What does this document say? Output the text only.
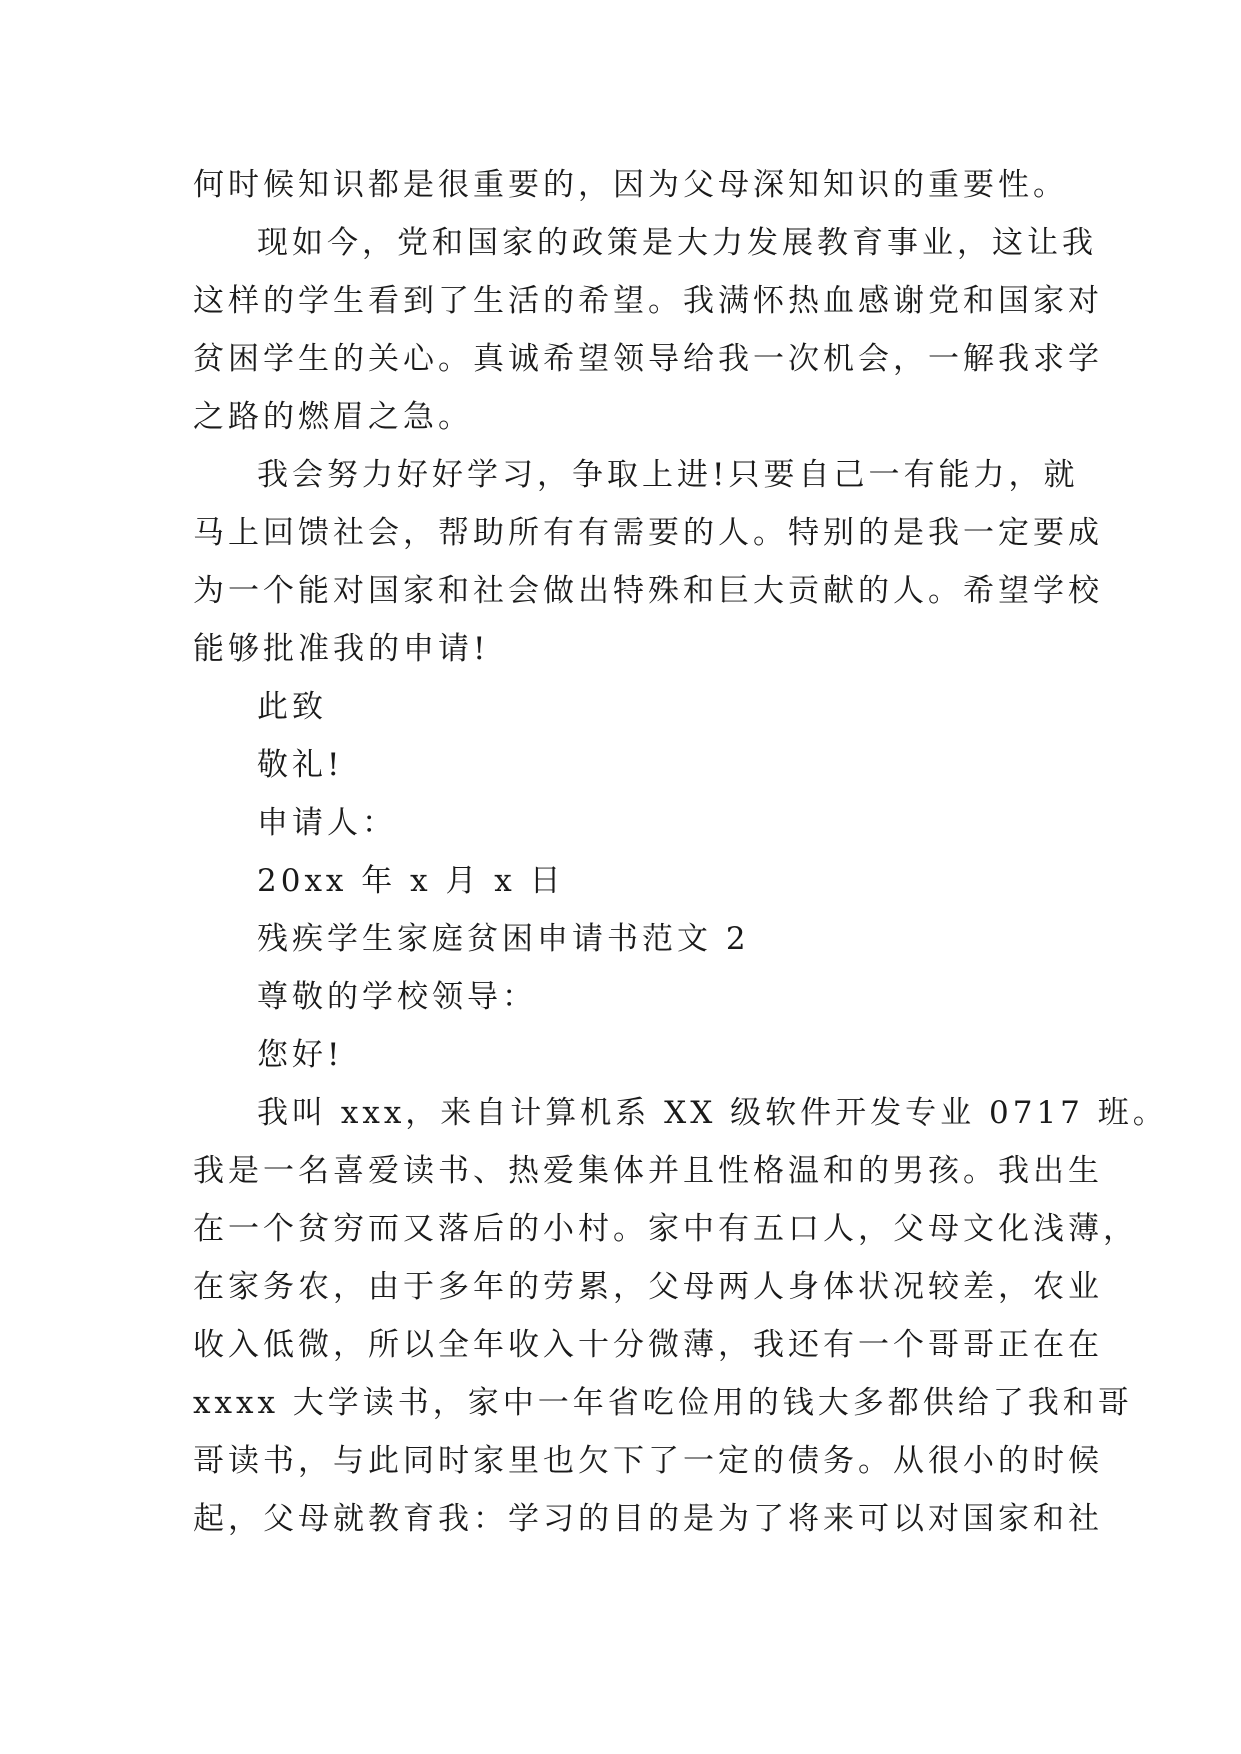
何时候知识都是很重要的，因为父母深知知识的重要性。
现如今，党和国家的政策是大力发展教育事业，这让我
这样的学生看到了生活的希望。我满怀热血感谢党和国家对
贫困学生的关心。真诚希望领导给我一次机会，一解我求学
之路的燃眉之急。
我会努力好好学习，争取上进!只要自己一有能力，就
马上回馈社会，帮助所有有需要的人。特别的是我一定要成
为一个能对国家和社会做出特殊和巨大贡献的人。希望学校
能够批准我的申请!
此致
敬礼!
申请人：
20xx 年 x 月 x 日
残疾学生家庭贫困申请书范文 2
尊敬的学校领导：
您好!
我叫 xxx，来自计算机系 XX 级软件开发专业 0717 班。
我是一名喜爱读书、热爱集体并且性格温和的男孩。我出生
在一个贫穷而又落后的小村。家中有五口人，父母文化浅薄，
在家务农，由于多年的劳累，父母两人身体状况较差，农业
收入低微，所以全年收入十分微薄，我还有一个哥哥正在在
xxxx 大学读书，家中一年省吃俭用的钱大多都供给了我和哥
哥读书，与此同时家里也欠下了一定的债务。从很小的时候
起，父母就教育我：学习的目的是为了将来可以对国家和社
